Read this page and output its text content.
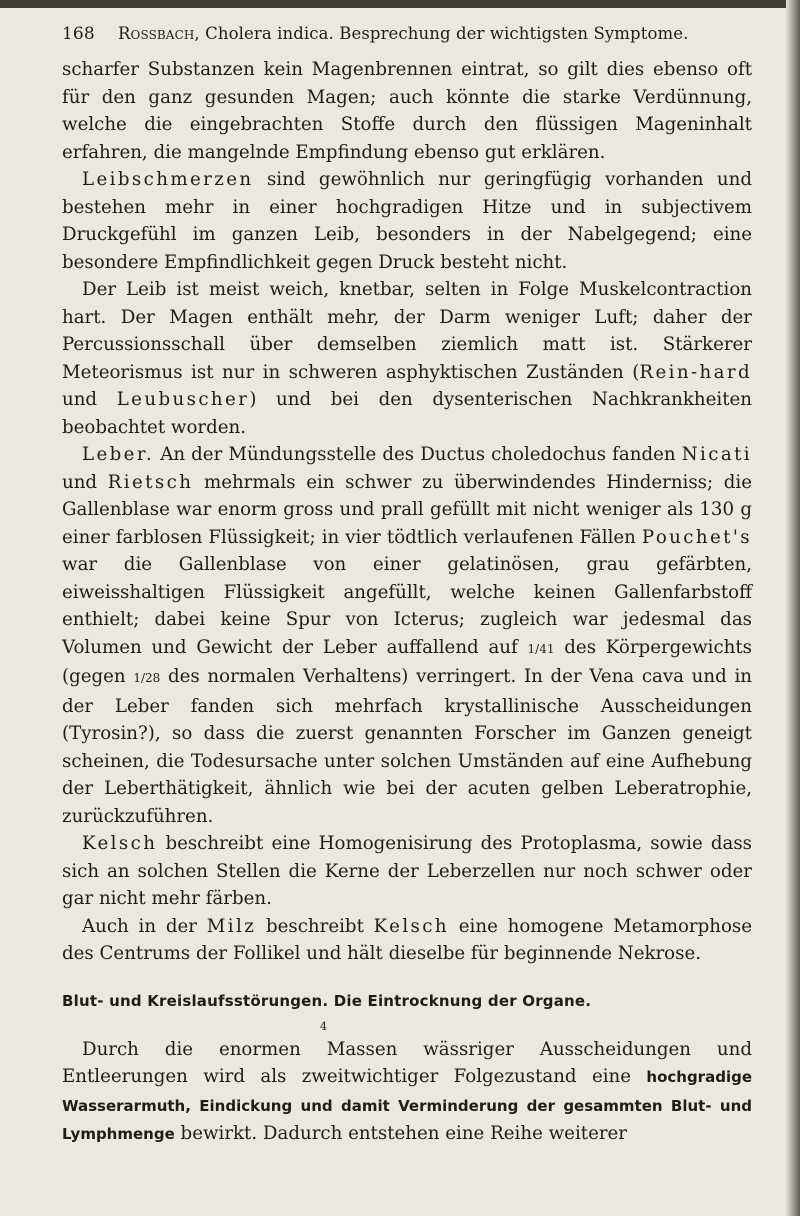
168	Rossbach, Cholera indica. Besprechung der wichtigsten Symptome.

scharfer Substanzen kein Magenbrennen eintrat, so gilt dies ebenso oft für den ganz gesunden Magen; auch könnte die starke Verdünnung, welche die eingebrachten Stoffe durch den flüssigen Mageninhalt erfahren, die mangelnde Empfindung ebenso gut erklären.

Leibschmerzen sind gewöhnlich nur geringfügig vorhanden und bestehen mehr in einer hochgradigen Hitze und in subjectivem Druckgefühl im ganzen Leib, besonders in der Nabelgegend; eine besondere Empfindlichkeit gegen Druck besteht nicht.

Der Leib ist meist weich, knetbar, selten in Folge Muskelcontraction hart. Der Magen enthält mehr, der Darm weniger Luft; daher der Percussionsschall über demselben ziemlich matt ist. Stärkerer Meteorismus ist nur in schweren asphyktischen Zuständen (Rein-hard und Leubuscher) und bei den dysenterischen Nachkrankheiten beobachtet worden.

Leber. An der Mündungsstelle des Ductus choledochus fanden Nicati und Rietsch mehrmals ein schwer zu überwindendes Hinderniss; die Gallenblase war enorm gross und prall gefüllt mit nicht weniger als 130 g einer farblosen Flüssigkeit; in vier tödtlich verlaufenen Fällen Pouchet's war die Gallenblase von einer gelatinösen, grau gefärbten, eiweisshaltigen Flüssigkeit angefüllt, welche keinen Gallenfarbstoff enthielt; dabei keine Spur von Icterus; zugleich war jedesmal das Volumen und Gewicht der Leber auffallend auf 1/41 des Körpergewichts (gegen 1/28 des normalen Verhaltens) verringert. In der Vena cava und in der Leber fanden sich mehrfach krystallinische Ausscheidungen (Tyrosin?), so dass die zuerst genannten Forscher im Ganzen geneigt scheinen, die Todesursache unter solchen Umständen auf eine Aufhebung der Leberthätigkeit, ähnlich wie bei der acuten gelben Leberatrophie, zurückzuführen.

Kelsch beschreibt eine Homogenisirung des Protoplasma, sowie dass sich an solchen Stellen die Kerne der Leberzellen nur noch schwer oder gar nicht mehr färben.

Auch in der Milz beschreibt Kelsch eine homogene Metamorphose des Centrums der Follikel und hält dieselbe für beginnende Nekrose.

Blut- und Kreislaufsstörungen. Die Eintrocknung der Organe.
4

Durch die enormen Massen wässriger Ausscheidungen und Entleerungen wird als zweitwichtiger Folgezustand eine hochgradige Wasserarmuth, Eindickung und damit Verminderung der gesammten Blut- und Lymphmenge bewirkt. Dadurch entstehen eine Reihe weiterer
